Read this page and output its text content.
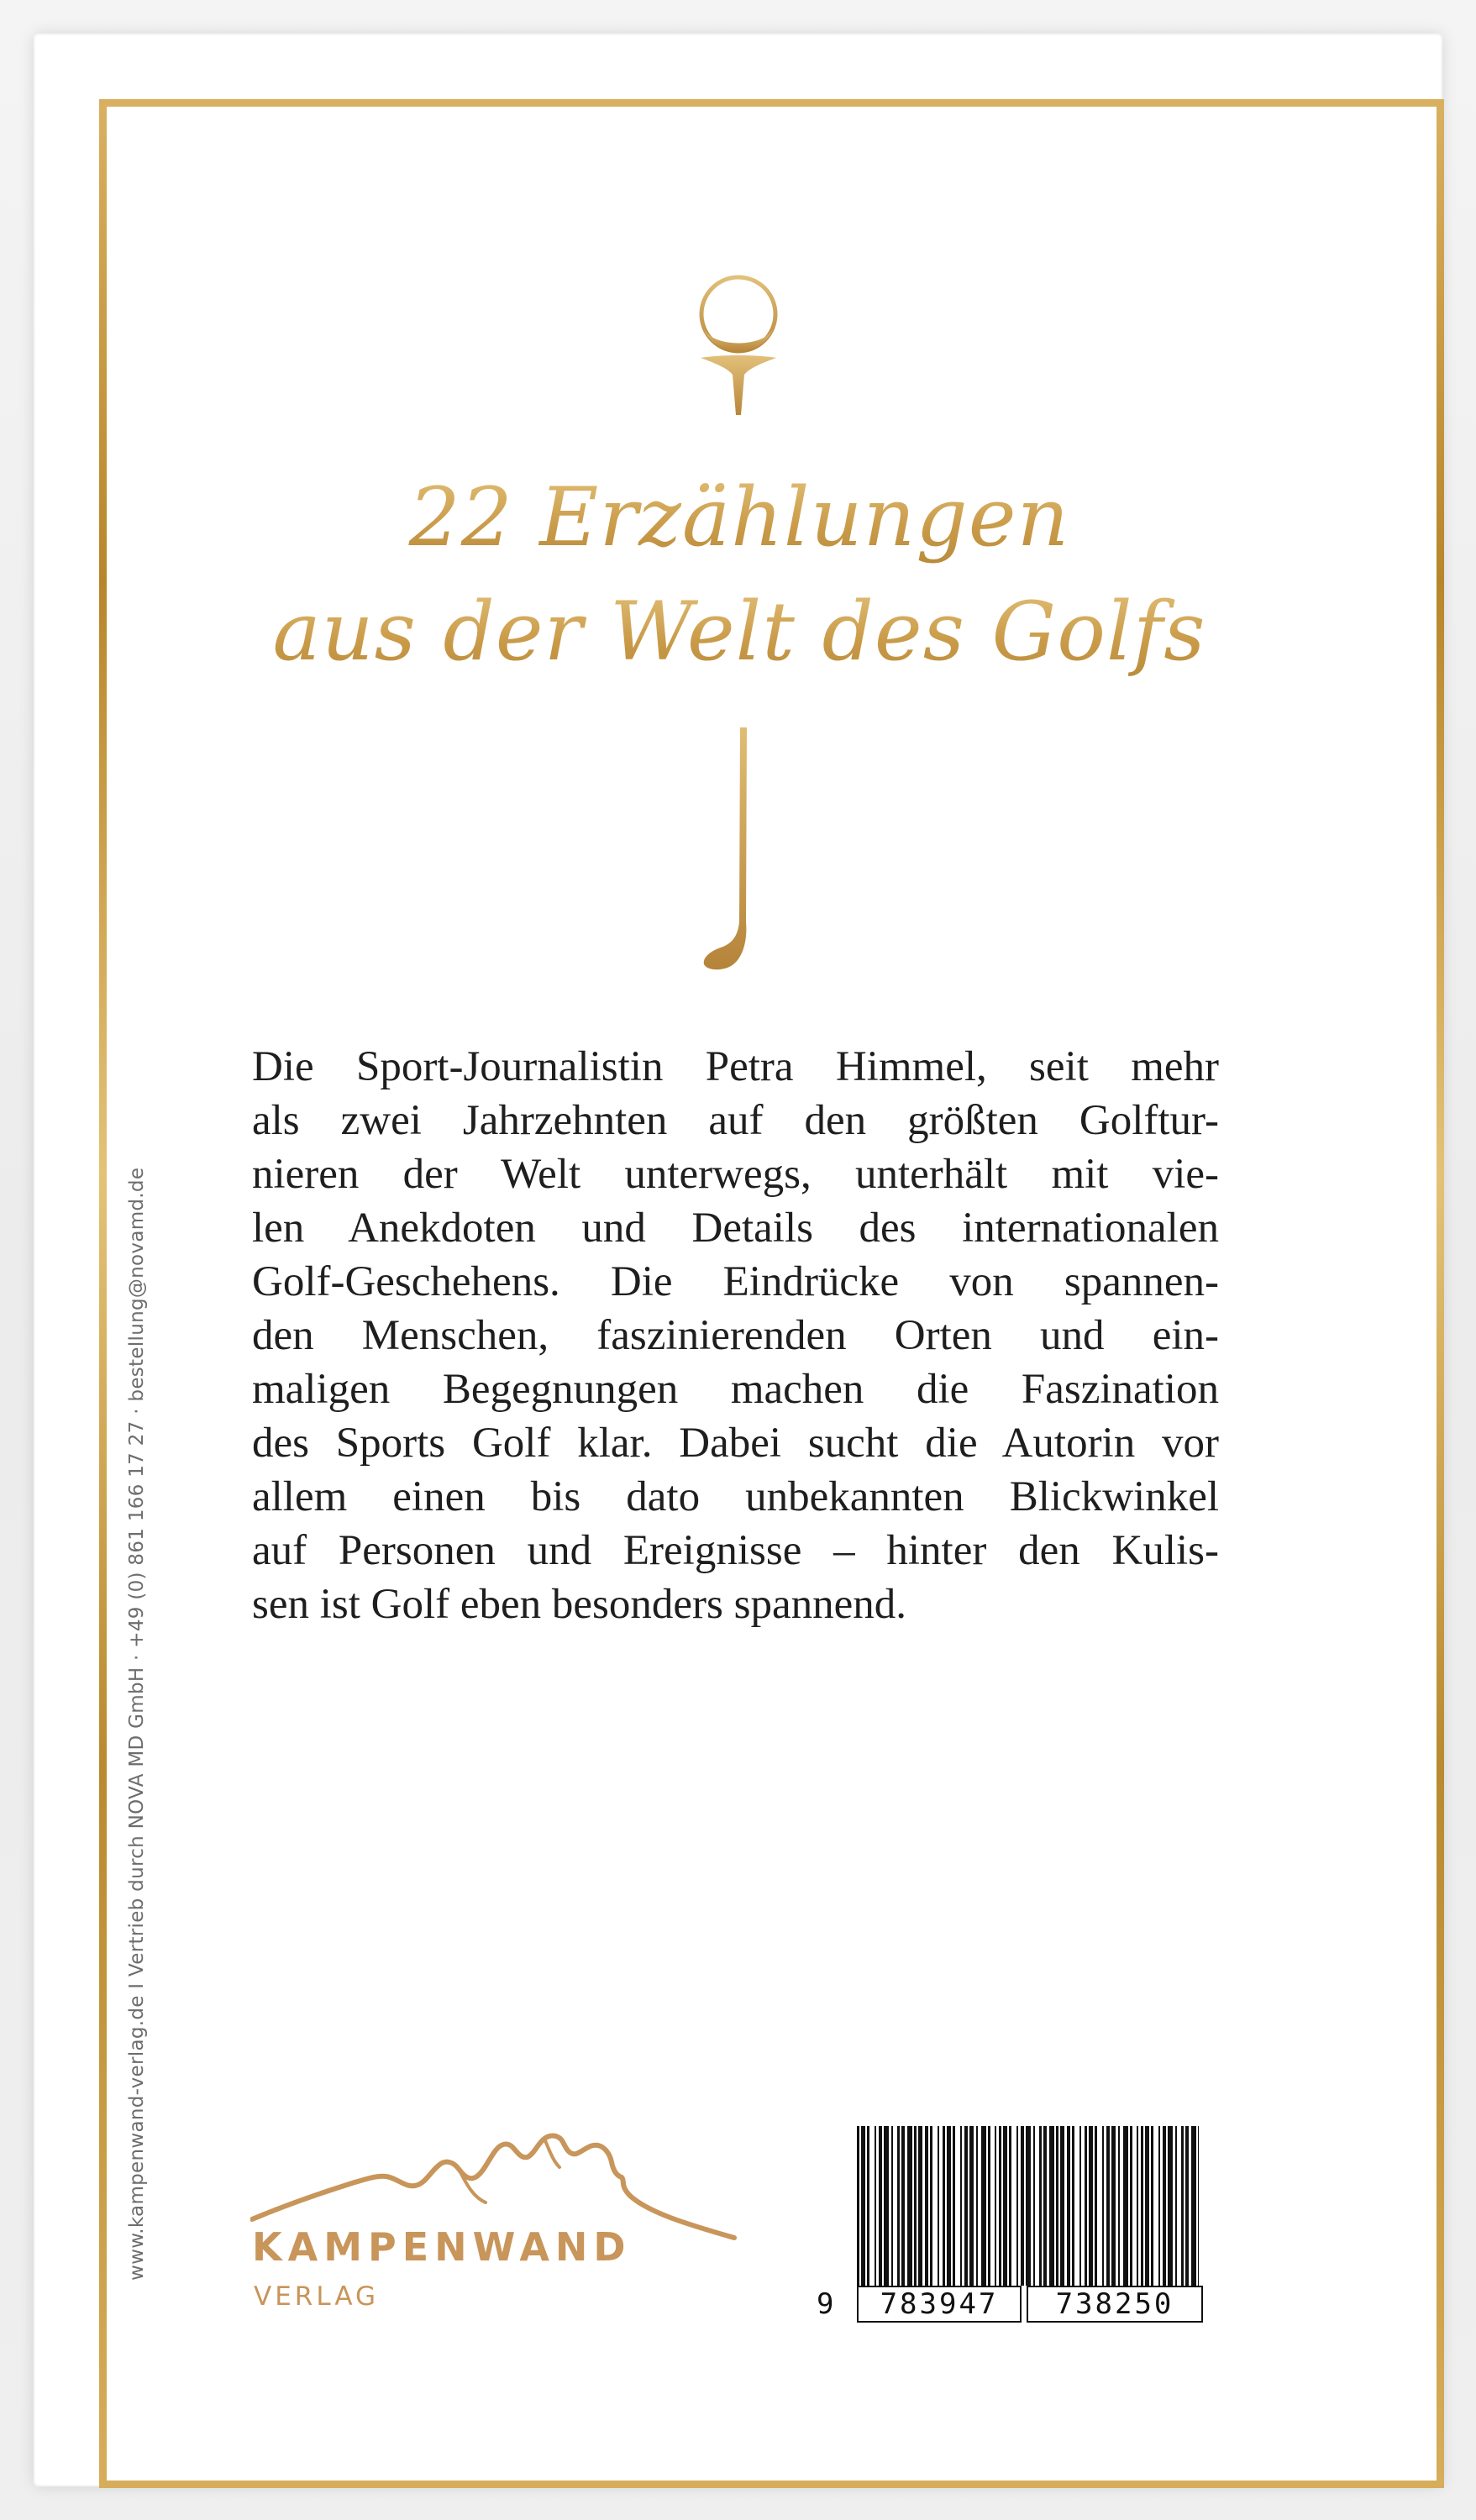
22 Erzählungen
aus der Welt des Golfs
www.kampenwand-verlag.de I Vertrieb durch NOVA MD GmbH · +49 (0) 861 166 17 27 · bestellung@novamd.de
Die Sport-Journalistin Petra Himmel, seit mehr
als zwei Jahrzehnten auf den größten Golftur-
nieren der Welt unterwegs, unterhält mit vie-
len Anekdoten und Details des internationalen
Golf-Geschehens. Die Eindrücke von spannen-
den Menschen, faszinierenden Orten und ein-
maligen Begegnungen machen die Faszination
des Sports Golf klar. Dabei sucht die Autorin vor
allem einen bis dato unbekannten Blickwinkel
auf Personen und Ereignisse – hinter den Kulis-
sen ist Golf eben besonders spannend.
KAMPENWAND
VERLAG	9	783947	738250
